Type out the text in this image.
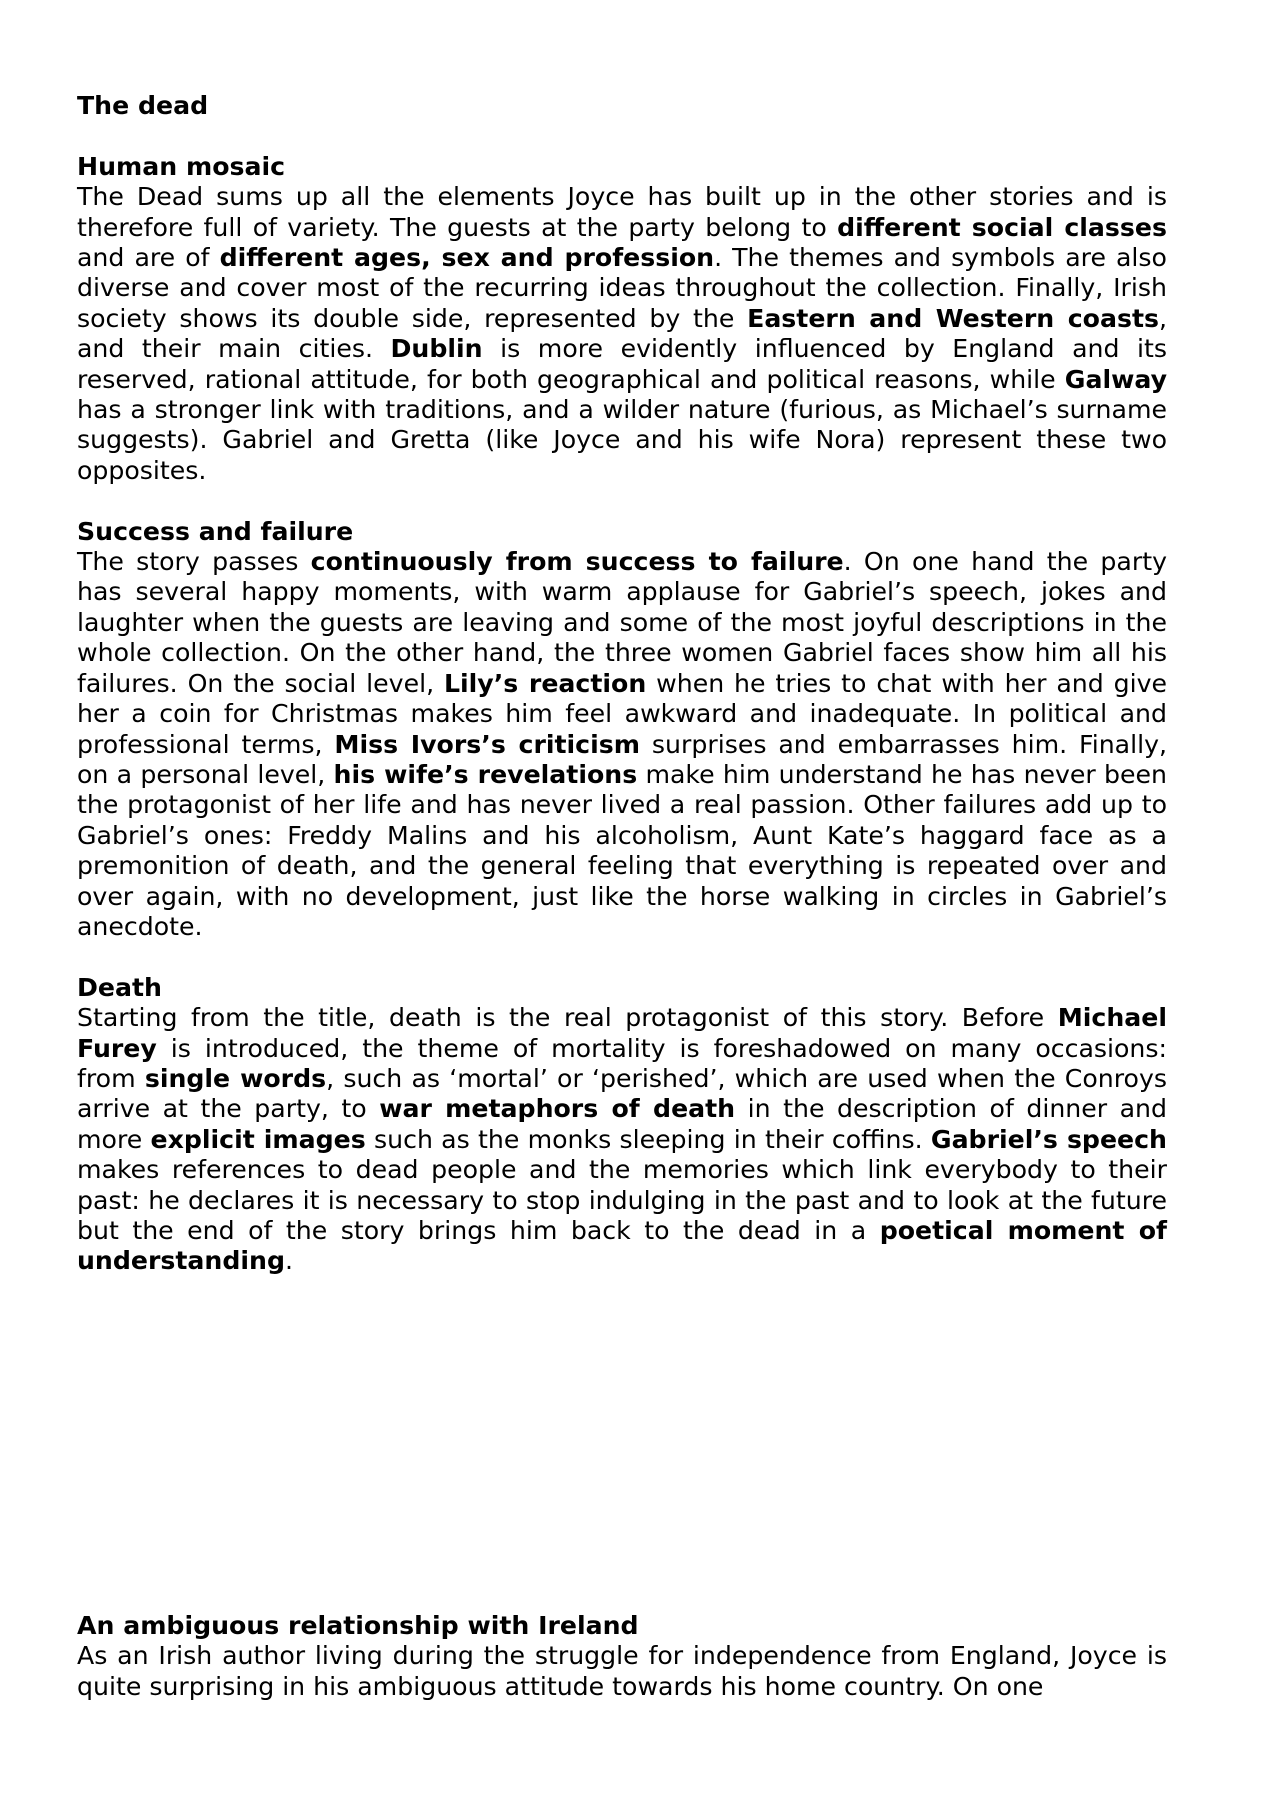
The dead

Human mosaic

The Dead sums up all the elements Joyce has built up in the other stories and is therefore full of variety. The guests at the party belong to different social classes and are of different ages, sex and profession. The themes and symbols are also diverse and cover most of the recurring ideas throughout the collection. Finally, Irish society shows its double side, represented by the Eastern and Western coasts, and their main cities. Dublin is more evidently influenced by England and its reserved, rational attitude, for both geographical and political reasons, while Galway has a stronger link with traditions, and a wilder nature (furious, as Michael’s surname suggests). Gabriel and Gretta (like Joyce and his wife Nora) represent these two opposites.

Success and failure

The story passes continuously from success to failure. On one hand the party has several happy moments, with warm applause for Gabriel’s speech, jokes and laughter when the guests are leaving and some of the most joyful descriptions in the whole collection. On the other hand, the three women Gabriel faces show him all his failures. On the social level, Lily’s reaction when he tries to chat with her and give her a coin for Christmas makes him feel awkward and inadequate. In political and professional terms, Miss Ivors’s criticism surprises and embarrasses him. Finally, on a personal level, his wife’s revelations make him understand he has never been the protagonist of her life and has never lived a real passion. Other failures add up to Gabriel’s ones: Freddy Malins and his alcoholism, Aunt Kate’s haggard face as a premonition of death, and the general feeling that everything is repeated over and over again, with no development, just like the horse walking in circles in Gabriel’s anecdote.

Death

Starting from the title, death is the real protagonist of this story. Before Michael Furey is introduced, the theme of mortality is foreshadowed on many occasions: from single words, such as ‘mortal’ or ‘perished’, which are used when the Conroys arrive at the party, to war metaphors of death in the description of dinner and more explicit images such as the monks sleeping in their coffins. Gabriel’s speech makes references to dead people and the memories which link everybody to their past: he declares it is necessary to stop indulging in the past and to look at the future but the end of the story brings him back to the dead in a poetical moment of understanding.

An ambiguous relationship with Ireland

As an Irish author living during the struggle for independence from England, Joyce is quite surprising in his ambiguous attitude towards his home country. On one
